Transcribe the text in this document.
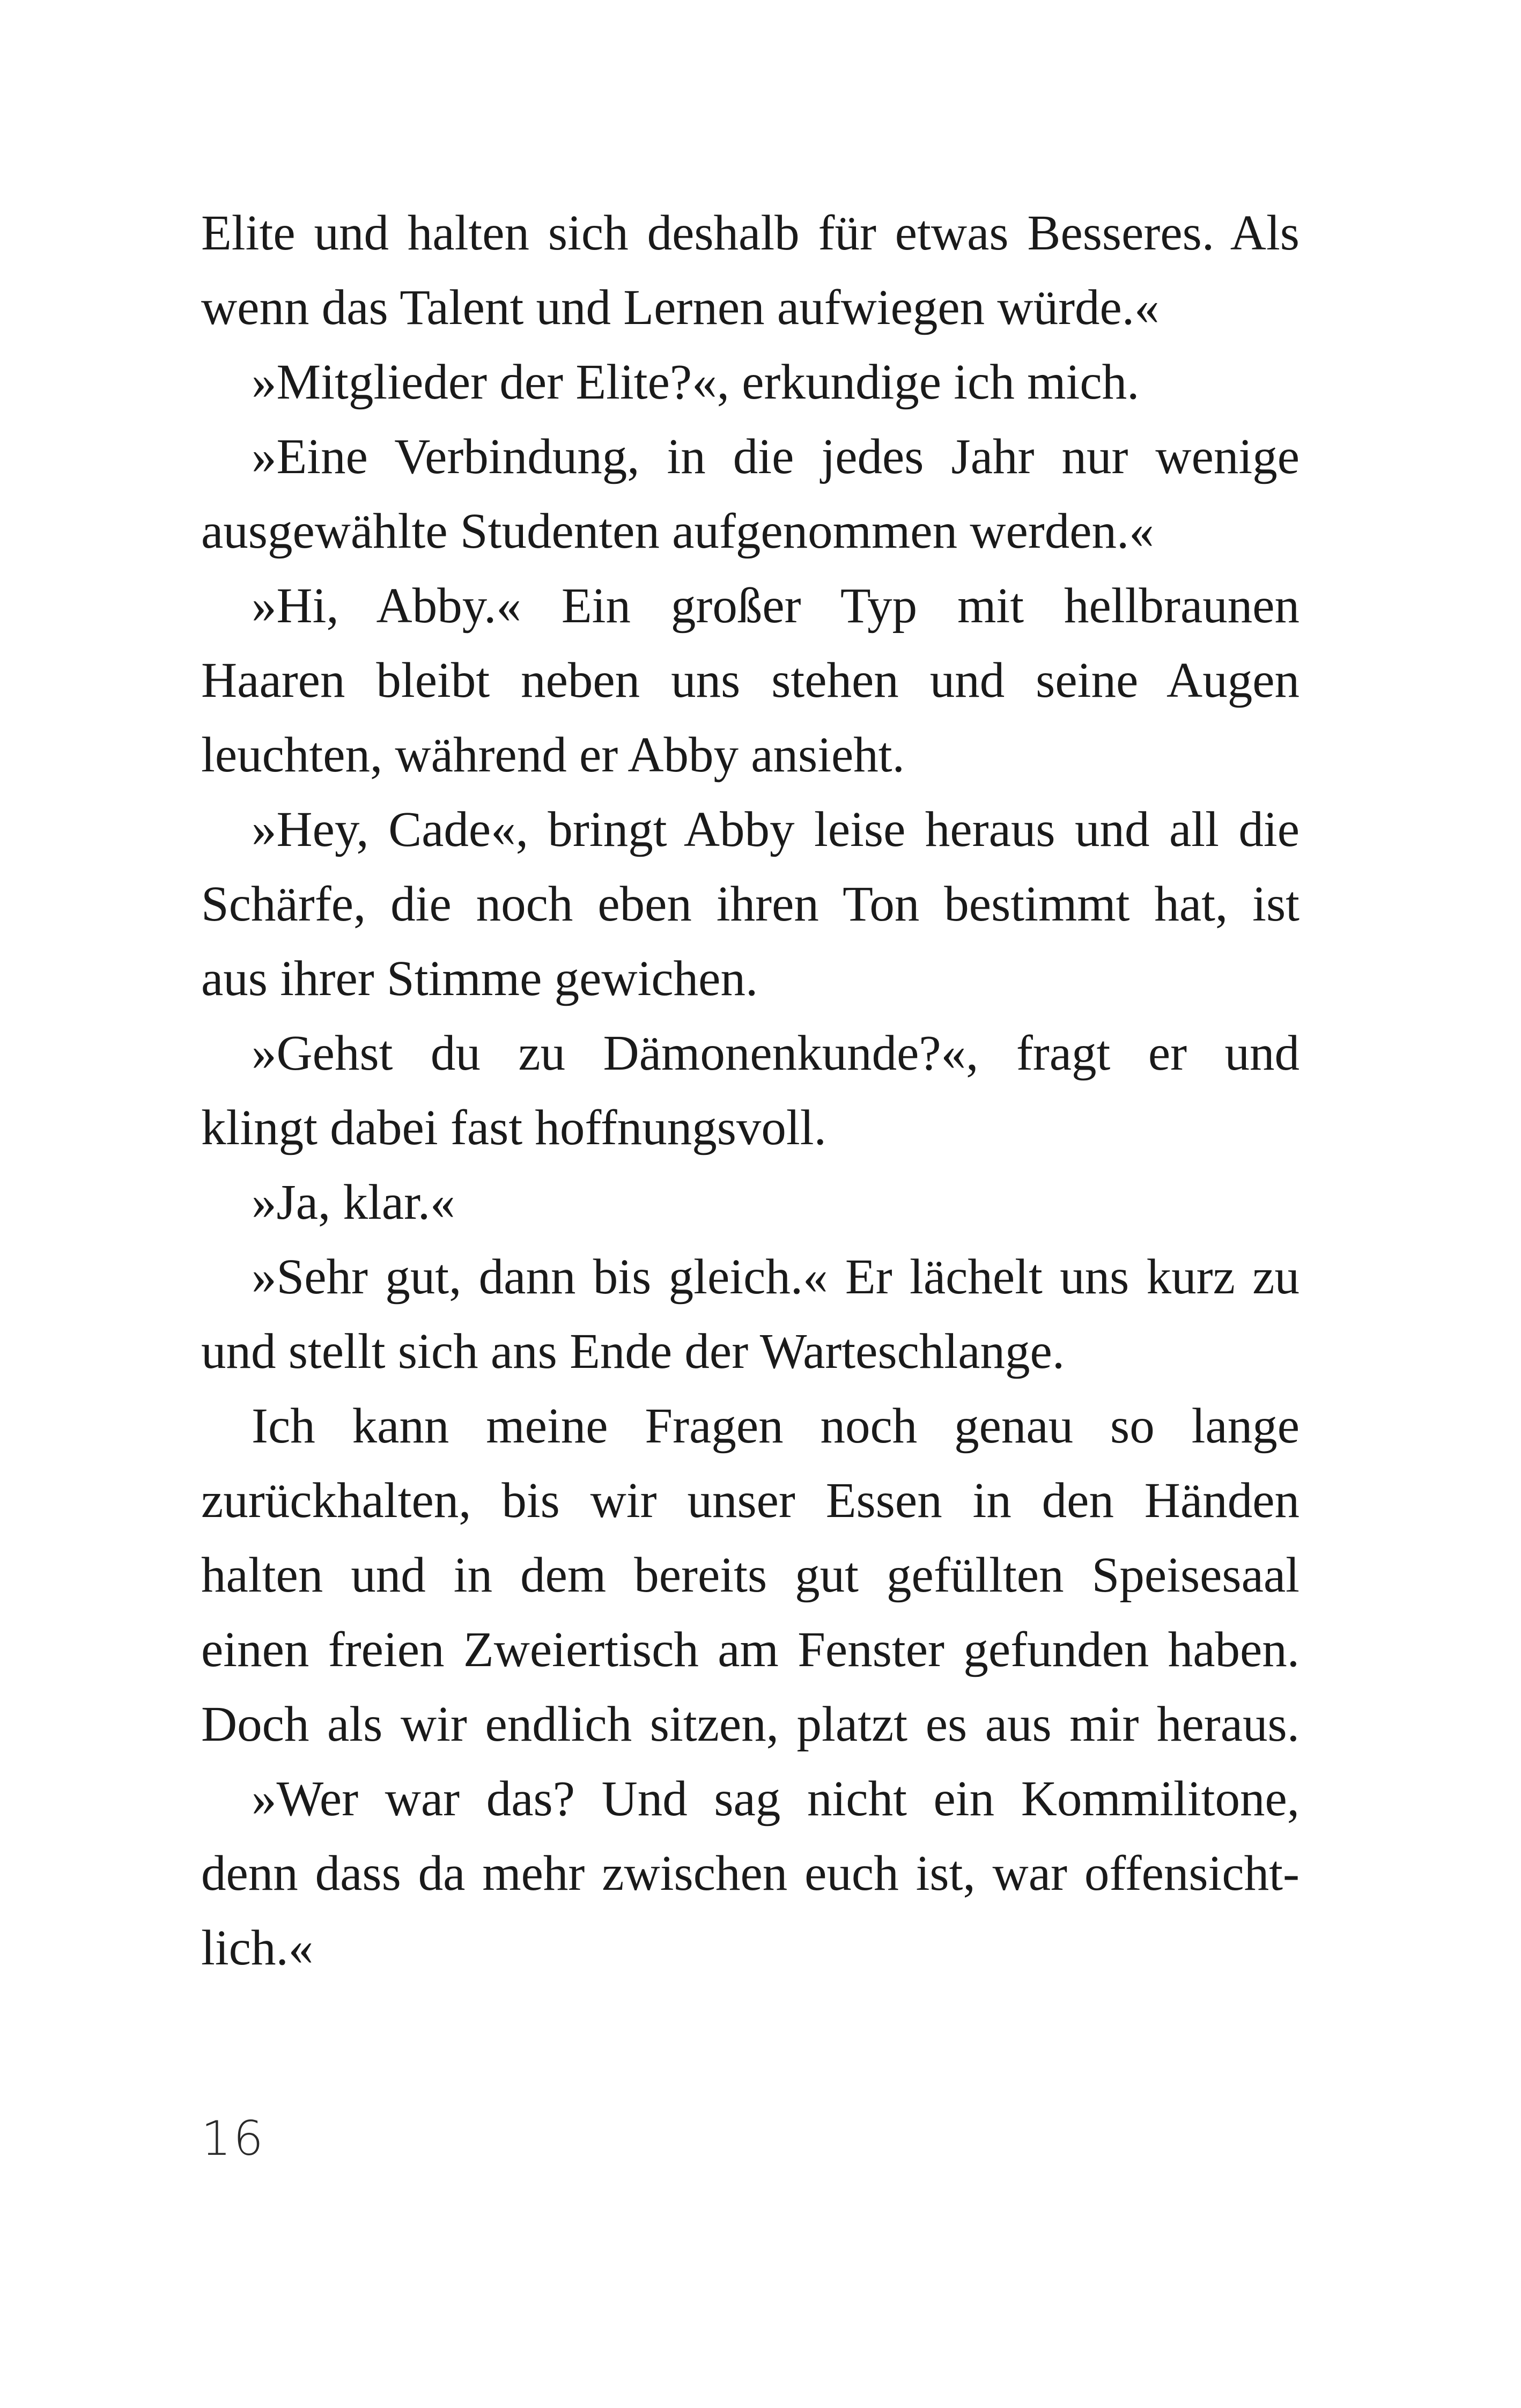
Elite und halten sich deshalb für etwas Besseres. Als
wenn das Talent und Lernen aufwiegen würde.«
»Mitglieder der Elite?«, erkundige ich mich.
»Eine Verbindung, in die jedes Jahr nur wenige
ausgewählte Studenten aufgenommen werden.«
»Hi, Abby.« Ein großer Typ mit hellbraunen
Haaren bleibt neben uns stehen und seine Augen
leuchten, während er Abby ansieht.
»Hey, Cade«, bringt Abby leise heraus und all die
Schärfe, die noch eben ihren Ton bestimmt hat, ist
aus ihrer Stimme gewichen.
»Gehst du zu Dämonenkunde?«, fragt er und
klingt dabei fast hoffnungsvoll.
»Ja, klar.«
»Sehr gut, dann bis gleich.« Er lächelt uns kurz zu
und stellt sich ans Ende der Warteschlange.
Ich kann meine Fragen noch genau so lange
zurückhalten, bis wir unser Essen in den Händen
halten und in dem bereits gut gefüllten Speisesaal
einen freien Zweiertisch am Fenster gefunden haben.
Doch als wir endlich sitzen, platzt es aus mir heraus.
»Wer war das? Und sag nicht ein Kommilitone,
denn dass da mehr zwischen euch ist, war offensicht-
lich.«
16
